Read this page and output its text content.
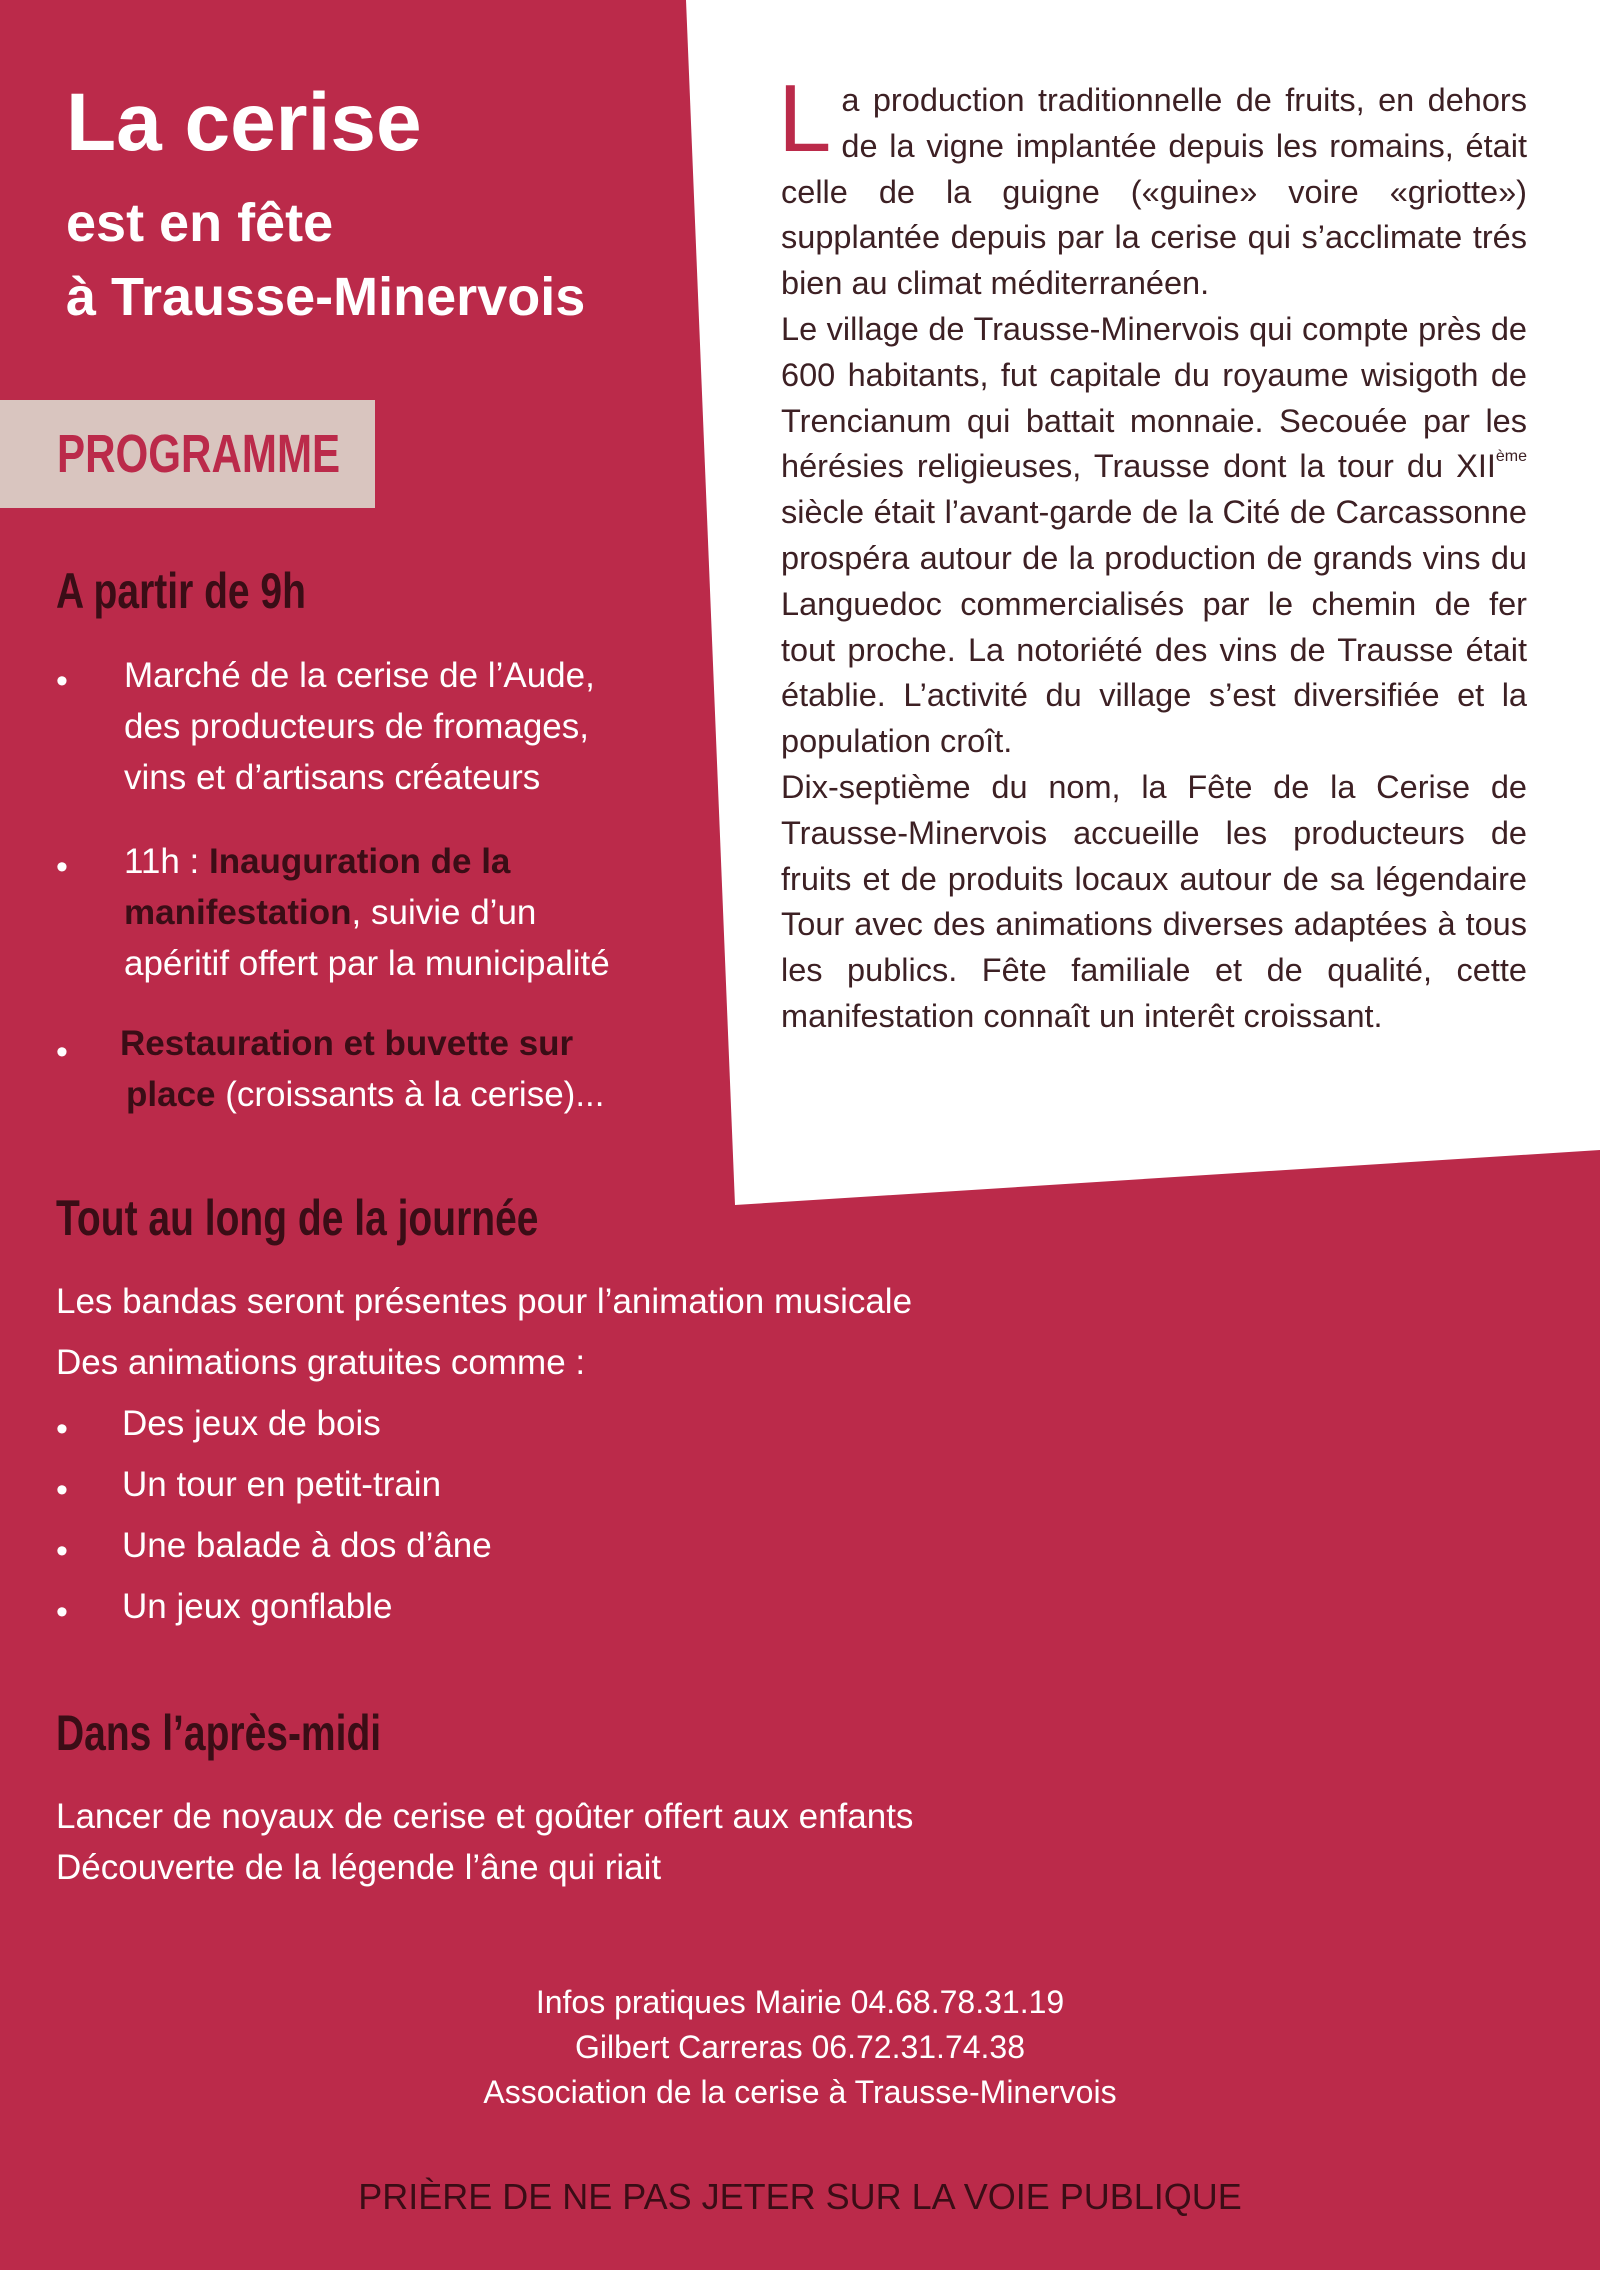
La cerise
est en fête
à Trausse-Minervois
PROGRAMME
A partir de 9h
• Marché de la cerise de l’Aude,
des producteurs de fromages,
vins et d’artisans créateurs
• 11h : Inauguration de la
manifestation, suivie d’un
apéritif offert par la municipalité
• Restauration et buvette sur
place (croissants à la cerise)...
Tout au long de la journée
Les bandas seront présentes pour l’animation musicale
Des animations gratuites comme :
• Des jeux de bois
• Un tour en petit-train
• Une balade à dos d’âne
• Un jeux gonflable
Dans l’après-midi
Lancer de noyaux de cerise et goûter offert aux enfants
Découverte de la légende l’âne qui riait

La production traditionnelle de fruits, en dehors de la vigne implantée depuis les romains, était celle de la guigne («guine» voire «griotte») supplantée depuis par la cerise qui s’acclimate trés bien au climat méditerranéen.

Le village de Trausse-Minervois qui compte près de 600 habitants, fut capitale du royaume wisigoth de Trencianum qui battait monnaie. Secouée par les hérésies religieuses, Trausse dont la tour du XIIème siècle était l’avant-garde de la Cité de Carcassonne prospéra autour de la production de grands vins du Languedoc commercialisés par le chemin de fer tout proche. La notoriété des vins de Trausse était établie. L’activité du village s’est diversifiée et la population croît.

Dix-septième du nom, la Fête de la Cerise de Trausse-Minervois accueille les producteurs de fruits et de produits locaux autour de sa légendaire Tour avec des animations diverses adaptées à tous les publics. Fête familiale et de qualité, cette manifestation connaît un interêt croissant.

Infos pratiques Mairie 04.68.78.31.19
Gilbert Carreras 06.72.31.74.38
Association de la cerise à Trausse-Minervois
PRIÈRE DE NE PAS JETER SUR LA VOIE PUBLIQUE
